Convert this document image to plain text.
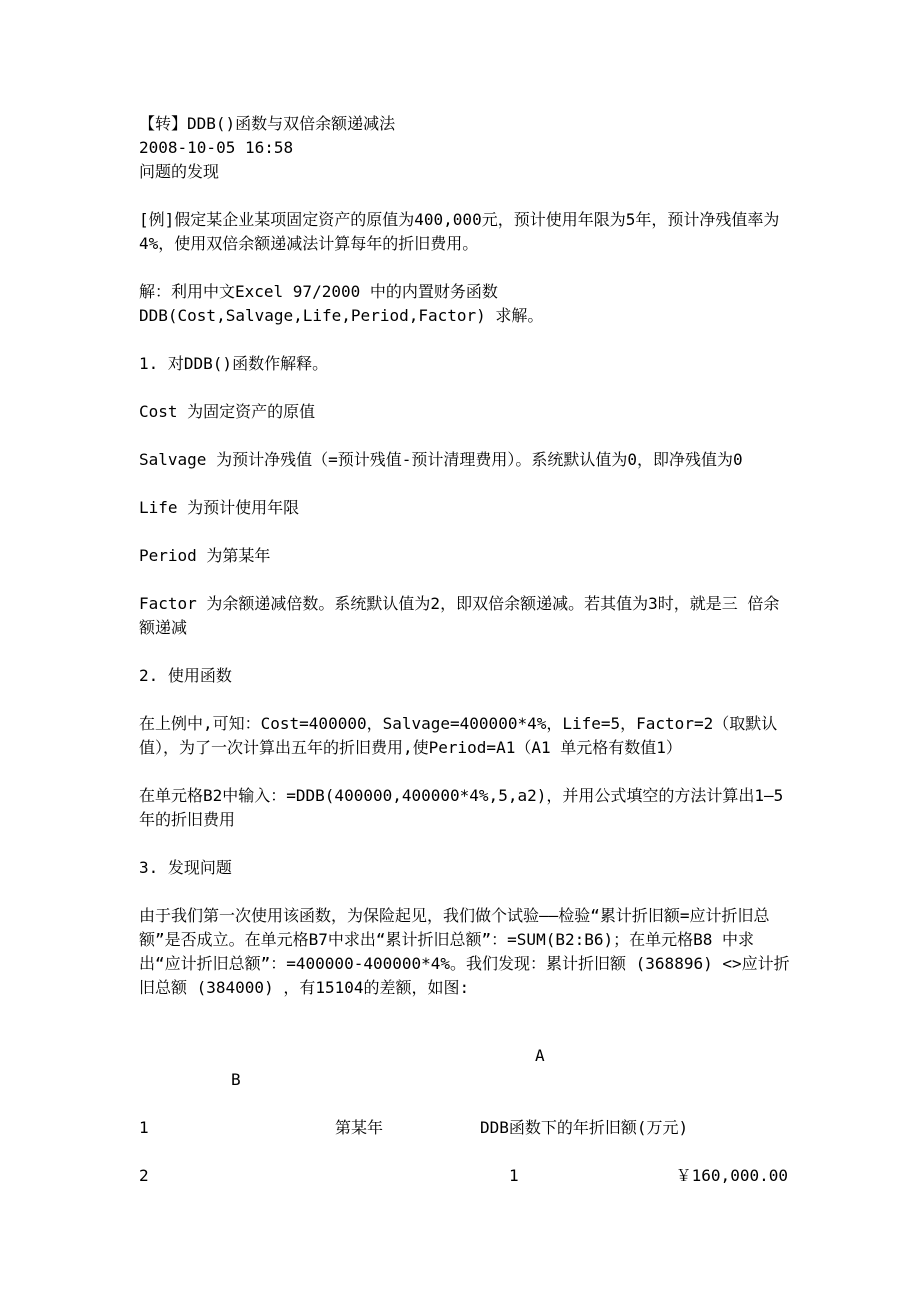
【转】DDB()函数与双倍余额递减法
2008-10-05 16:58
问题的发现
[例]假定某企业某项固定资产的原值为400,000元，预计使用年限为5年，预计净残值率为4%，使用双倍余额递减法计算每年的折旧费用。
解：利用中文Excel 97/2000 中的内置财务函数
DDB(Cost,Salvage,Life,Period,Factor) 求解。
1. 对DDB()函数作解释。
Cost 为固定资产的原值
Salvage 为预计净残值（=预计残值-预计清理费用）。系统默认值为0，即净残值为0
Life 为预计使用年限
Period 为第某年
Factor 为余额递减倍数。系统默认值为2，即双倍余额递减。若其值为3时，就是三 倍余额递减
2. 使用函数
在上例中,可知：Cost=400000，Salvage=400000*4%，Life=5，Factor=2（取默认值），为了一次计算出五年的折旧费用,使Period=A1（A1 单元格有数值1）
在单元格B2中输入：=DDB(400000,400000*4%,5,a2)，并用公式填空的方法计算出1—5年的折旧费用
3. 发现问题
由于我们第一次使用该函数，为保险起见，我们做个试验——检验“累计折旧额=应计折旧总额”是否成立。在单元格B7中求出“累计折旧总额”：=SUM(B2:B6)；在单元格B8 中求出“应计折旧总额”：=400000-400000*4%。我们发现：累计折旧额 (368896) <>应计折旧总额 (384000) ，有15104的差额，如图:
A
B
1	第某年	DDB函数下的年折旧额(万元)
2	1	￥160,000.00
